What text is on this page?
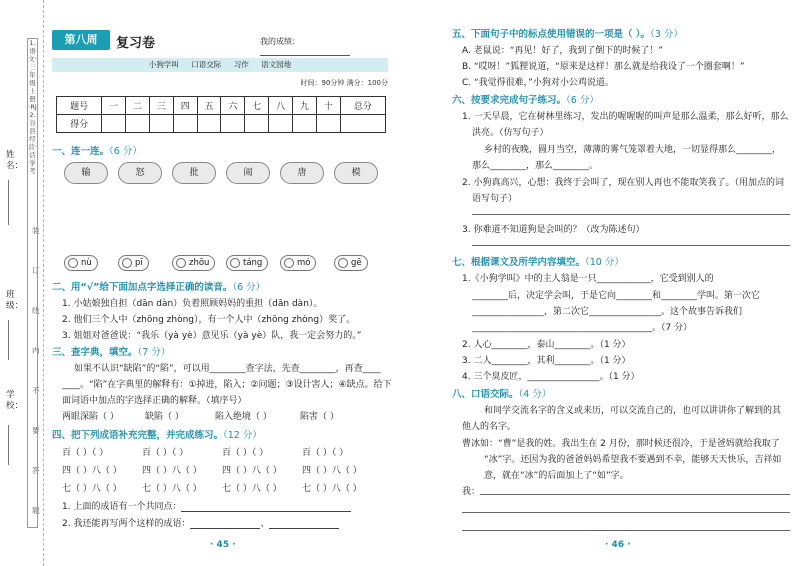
学校：
班级：
姓名：
装
订
线
内
不
要
答
题
1. 语文·三年级上册·RJ 2. 谷县经营·活学考
第八周	复习卷	我的成绩：
小狗学叫 口语交际 习作 语文园地
时间：90分钟 满分：100分
题号	一	二	三	四	五	六	七	八	九	十	总分
得分											
一、连一连。（6 分）
输	怒	批	闹	唐	模
nù	pī	zhōu	táng	mó	gē
二、用“√”给下面加点字选择正确的读音。（6 分）
1. 小姑娘独自担（dān dàn）负着照顾妈妈的重担（dān dàn）。
2. 他们三个人中（zhōng zhòng），有一个人中（zhōng zhòng）奖了。
3. 姐姐对爸爸说：“我乐（yà yè）意见乐（yà yè）队，我一定会努力的。”
三、查字典，填空。（7 分）
如果不认识“缺陷”的“陷”，可以用________查字法，先查________，再查____
____。“陷”在字典里的解释有：①掉进，陷入；②问题；③设计害人；④缺点。给下
面词语中加点的字选择正确的解释。（填序号）
两眼深陷（ ）	缺陷（ ）	陷入绝境（ ）	陷害（ ）
四、把下列成语补充完整，并完成练习。（12 分）
百（ ）（ ）	百（ ）（ ）	百（ ）（ ）	百（ ）（ ）
四（ ）八（ ） 四（ ）八（ ） 四（ ）八（ ） 四（ ）八（ ）
七（ ）八（ ） 七（ ）八（ ） 七（ ）八（ ） 七（ ）八（ ）
1. 上面的成语有一个共同点：
2. 我还能再写两个这样的成语：	、
· 45 ·
五、下面句子中的标点使用错误的一项是（ ）。（3 分）
A. 老鼠说：“再见！好了，我到了倒下的时候了！”
B. “哎呀！”狐狸说道，“原来是这样！那么就是给我设了一个圈套啊！”
C. “我觉得很难，”小狗对小公鸡说道。
六、按要求完成句子练习。（6 分）
1. 一天早晨，它在树林里练习，发出的喔喔喔的叫声是那么温柔，那么好听，那么
洪亮。（仿写句子）
乡村的夜晚，圆月当空，薄薄的雾气笼罩着大地，一切显得那么________，
那么________，那么________。
2. 小狗真高兴，心想：我终于会叫了，现在别人再也不能取笑我了。（用加点的词
语写句子）
3. 你难道不知道狗是会叫的？（改为陈述句）
七、根据课文及所学内容填空。（10 分）
1.《小狗学叫》中的主人翁是一只____________，它受到别人的
________后，决定学会叫，于是它向________和________学叫。第一次它
________________，第二次它________________。这个故事告诉我们
________________________________________。（7 分）
2. 人心________，泰山________。（1 分）
3. 二人________，其利________。（1 分）
4. 三个臭皮匠，________________。（1 分）
八、口语交际。（4 分）
和同学交流名字的含义或来历，可以交流自己的，也可以讲讲你了解到的其
他人的名字。
曹冰如：“曹”是我的姓。我出生在 2 月份，那时候还很冷，于是爸妈就给我取了
“冰”字。还因为我的爸爸妈妈希望我不要遇到不幸，能够天天快乐，吉祥如
意，就在“冰”的后面加上了“如”字。
我：
· 46 ·
